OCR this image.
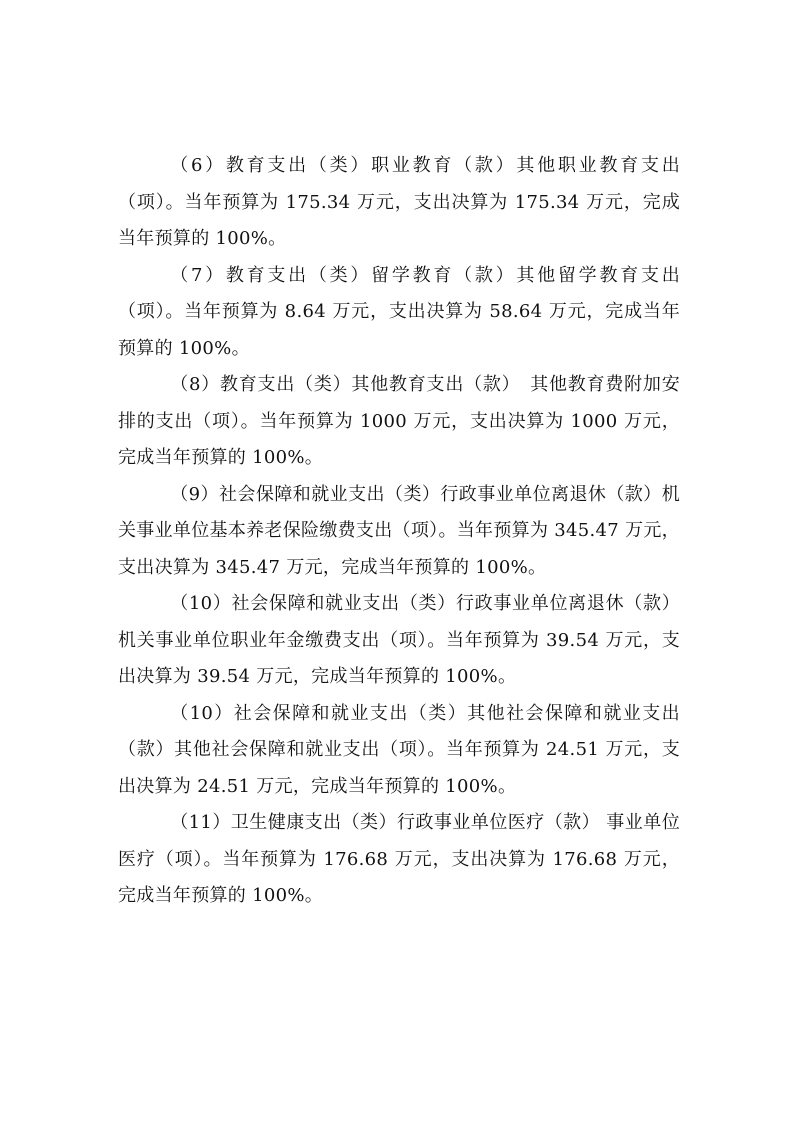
（6）教育支出（类）职业教育（款）其他职业教育支出（项）。当年预算为 175.34 万元，支出决算为 175.34 万元，完成当年预算的 100%。

（7）教育支出（类）留学教育（款）其他留学教育支出（项）。当年预算为 8.64 万元，支出决算为 58.64 万元，完成当年预算的 100%。

（8）教育支出（类）其他教育支出（款）　其他教育费附加安排的支出（项）。当年预算为 1000 万元，支出决算为 1000 万元，完成当年预算的 100%。

（9）社会保障和就业支出（类）行政事业单位离退休（款）机关事业单位基本养老保险缴费支出（项）。当年预算为 345.47 万元，支出决算为 345.47 万元，完成当年预算的 100%。

（10）社会保障和就业支出（类）行政事业单位离退休（款）机关事业单位职业年金缴费支出（项）。当年预算为 39.54 万元，支出决算为 39.54 万元，完成当年预算的 100%。

（10）社会保障和就业支出（类）其他社会保障和就业支出（款）其他社会保障和就业支出（项）。当年预算为 24.51 万元，支出决算为 24.51 万元，完成当年预算的 100%。

（11）卫生健康支出（类）行政事业单位医疗（款） 事业单位医疗（项）。当年预算为 176.68 万元，支出决算为 176.68 万元，完成当年预算的 100%。
